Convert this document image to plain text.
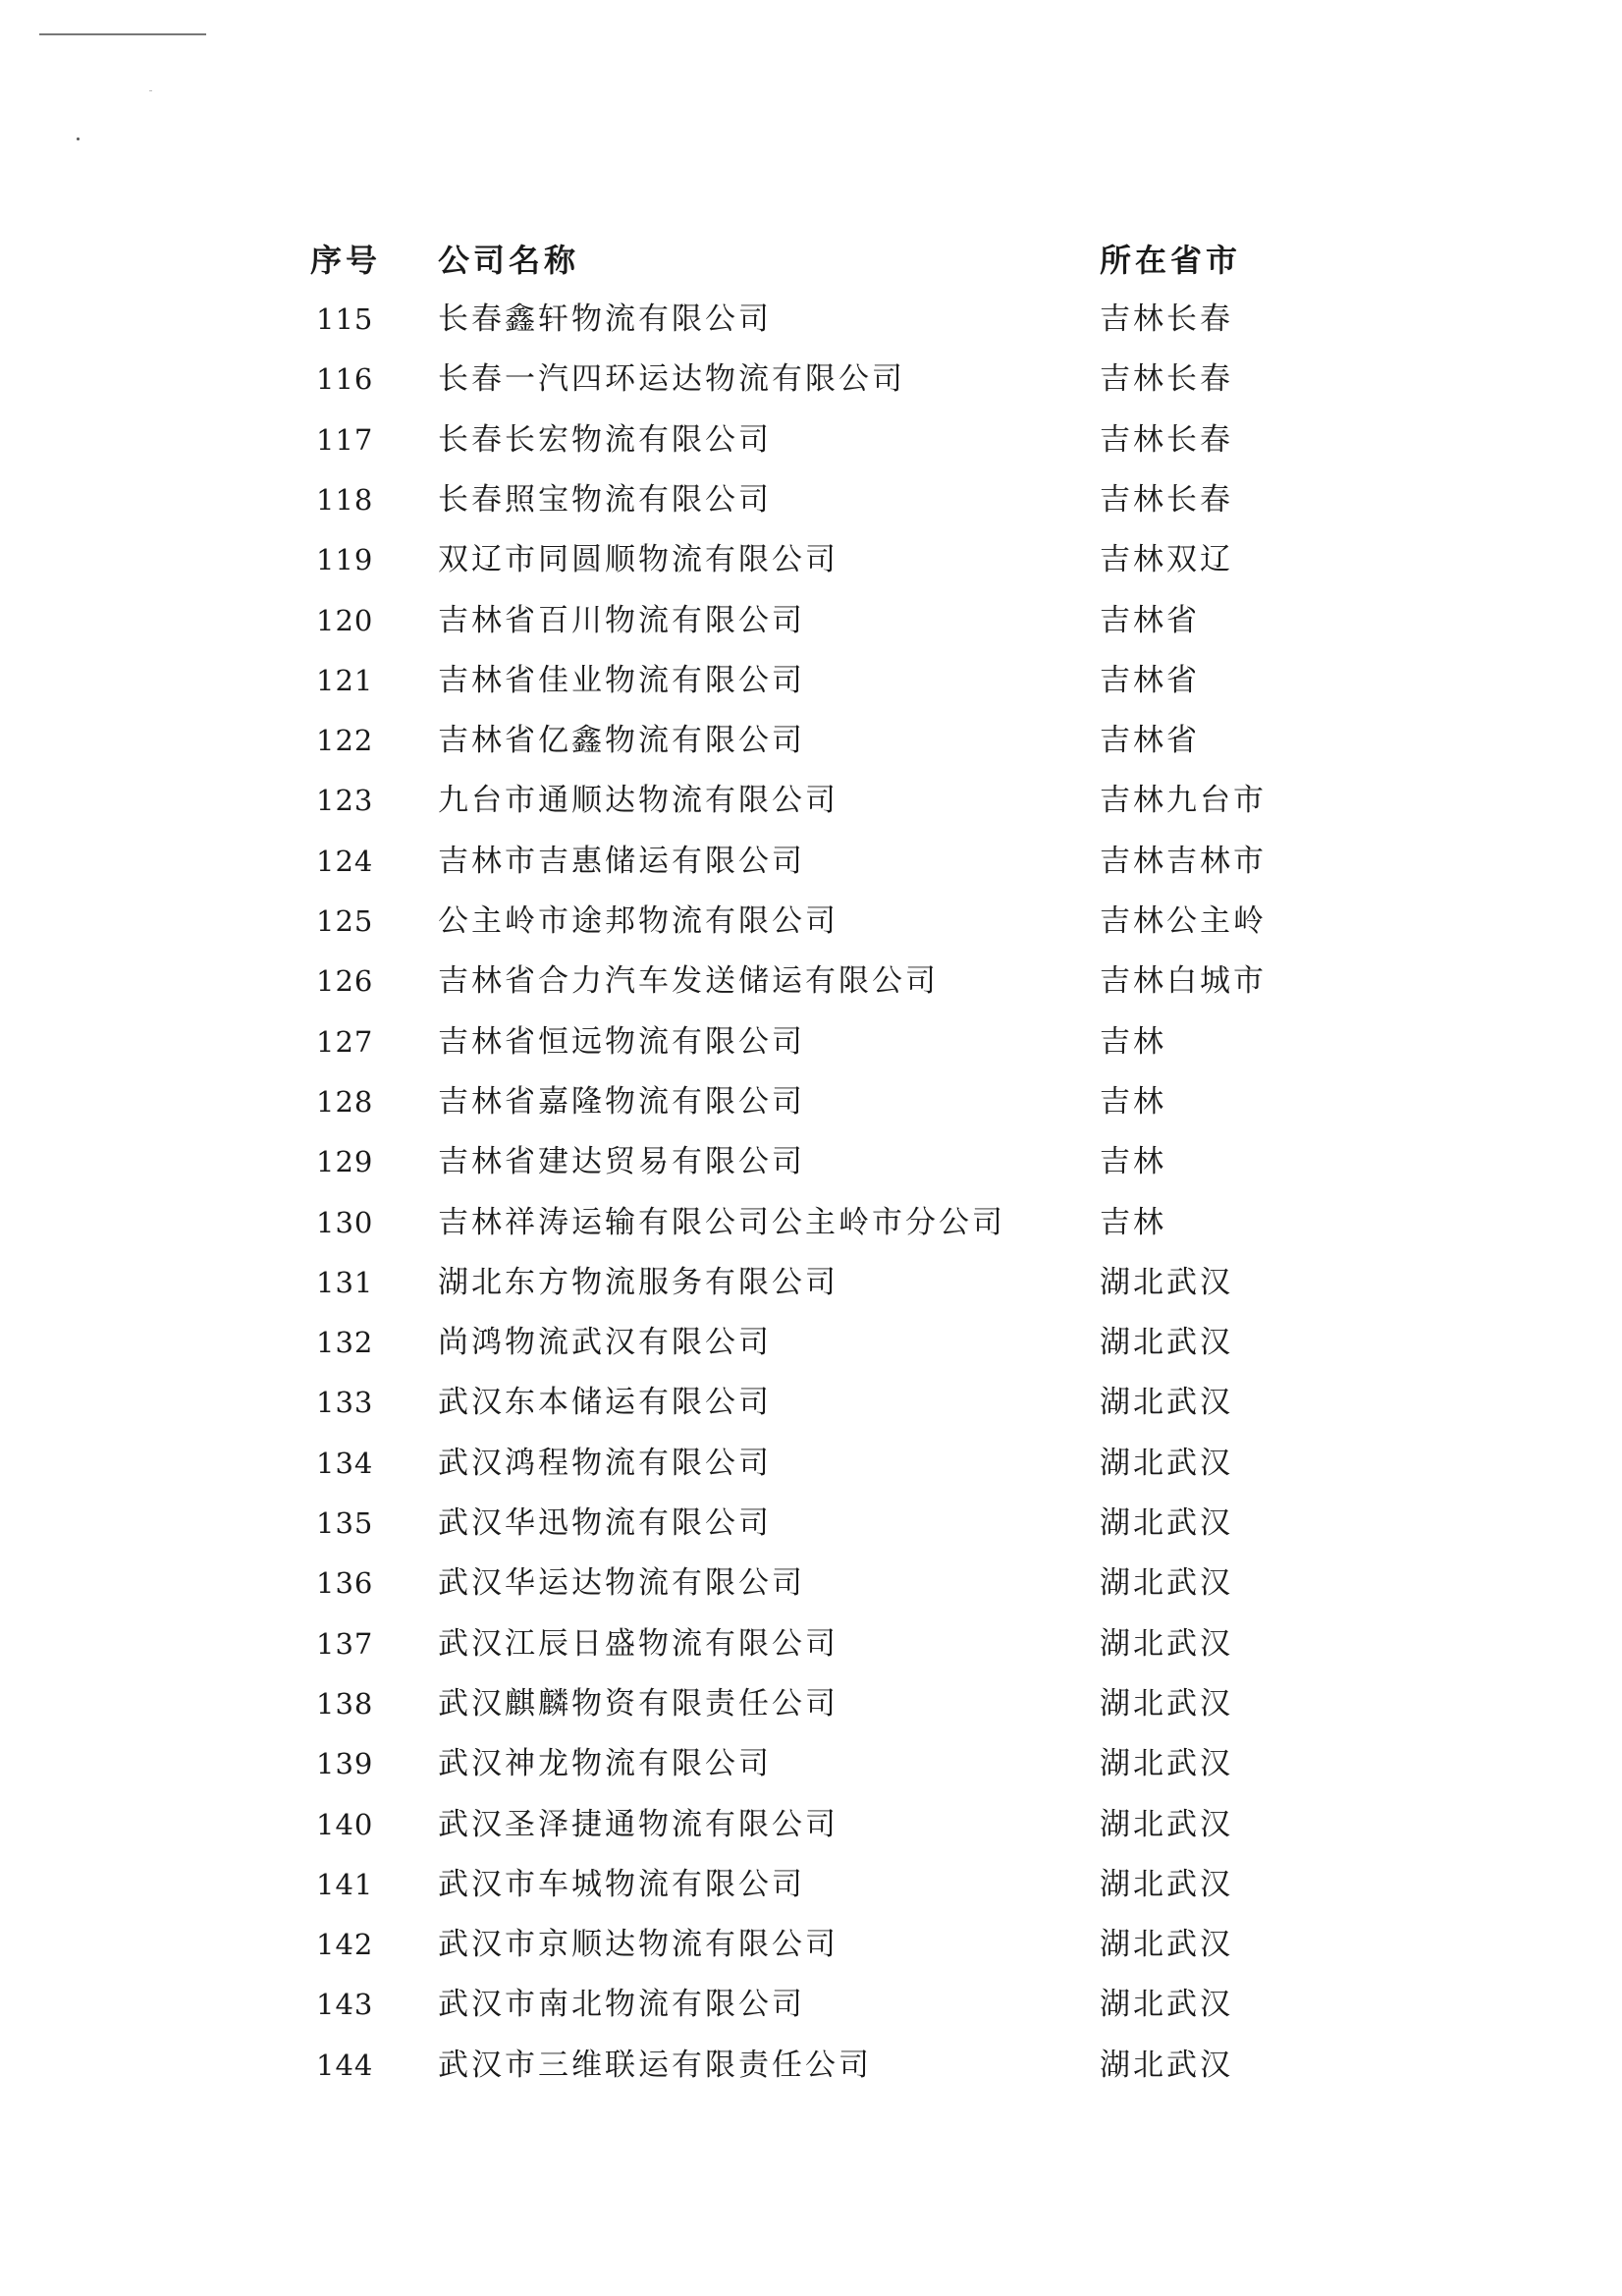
序号 公司名称	所在省市
115 长春鑫轩物流有限公司	吉林长春
116 长春一汽四环运达物流有限公司	吉林长春
117 长春长宏物流有限公司	吉林长春
118 长春照宝物流有限公司	吉林长春
119 双辽市同圆顺物流有限公司	吉林双辽
120 吉林省百川物流有限公司	吉林省
121 吉林省佳业物流有限公司	吉林省
122 吉林省亿鑫物流有限公司	吉林省
123 九台市通顺达物流有限公司	吉林九台市
124 吉林市吉惠储运有限公司	吉林吉林市
125 公主岭市途邦物流有限公司	吉林公主岭
126 吉林省合力汽车发送储运有限公司	吉林白城市
127 吉林省恒远物流有限公司	吉林
128 吉林省嘉隆物流有限公司	吉林
129 吉林省建达贸易有限公司	吉林
130 吉林祥涛运输有限公司公主岭市分公司	吉林
131 湖北东方物流服务有限公司	湖北武汉
132 尚鸿物流武汉有限公司	湖北武汉
133 武汉东本储运有限公司	湖北武汉
134 武汉鸿程物流有限公司	湖北武汉
135 武汉华迅物流有限公司	湖北武汉
136 武汉华运达物流有限公司	湖北武汉
137 武汉江辰日盛物流有限公司	湖北武汉
138 武汉麒麟物资有限责任公司	湖北武汉
139 武汉神龙物流有限公司	湖北武汉
140 武汉圣泽捷通物流有限公司	湖北武汉
141 武汉市车城物流有限公司	湖北武汉
142 武汉市京顺达物流有限公司	湖北武汉
143 武汉市南北物流有限公司	湖北武汉
144 武汉市三维联运有限责任公司	湖北武汉
